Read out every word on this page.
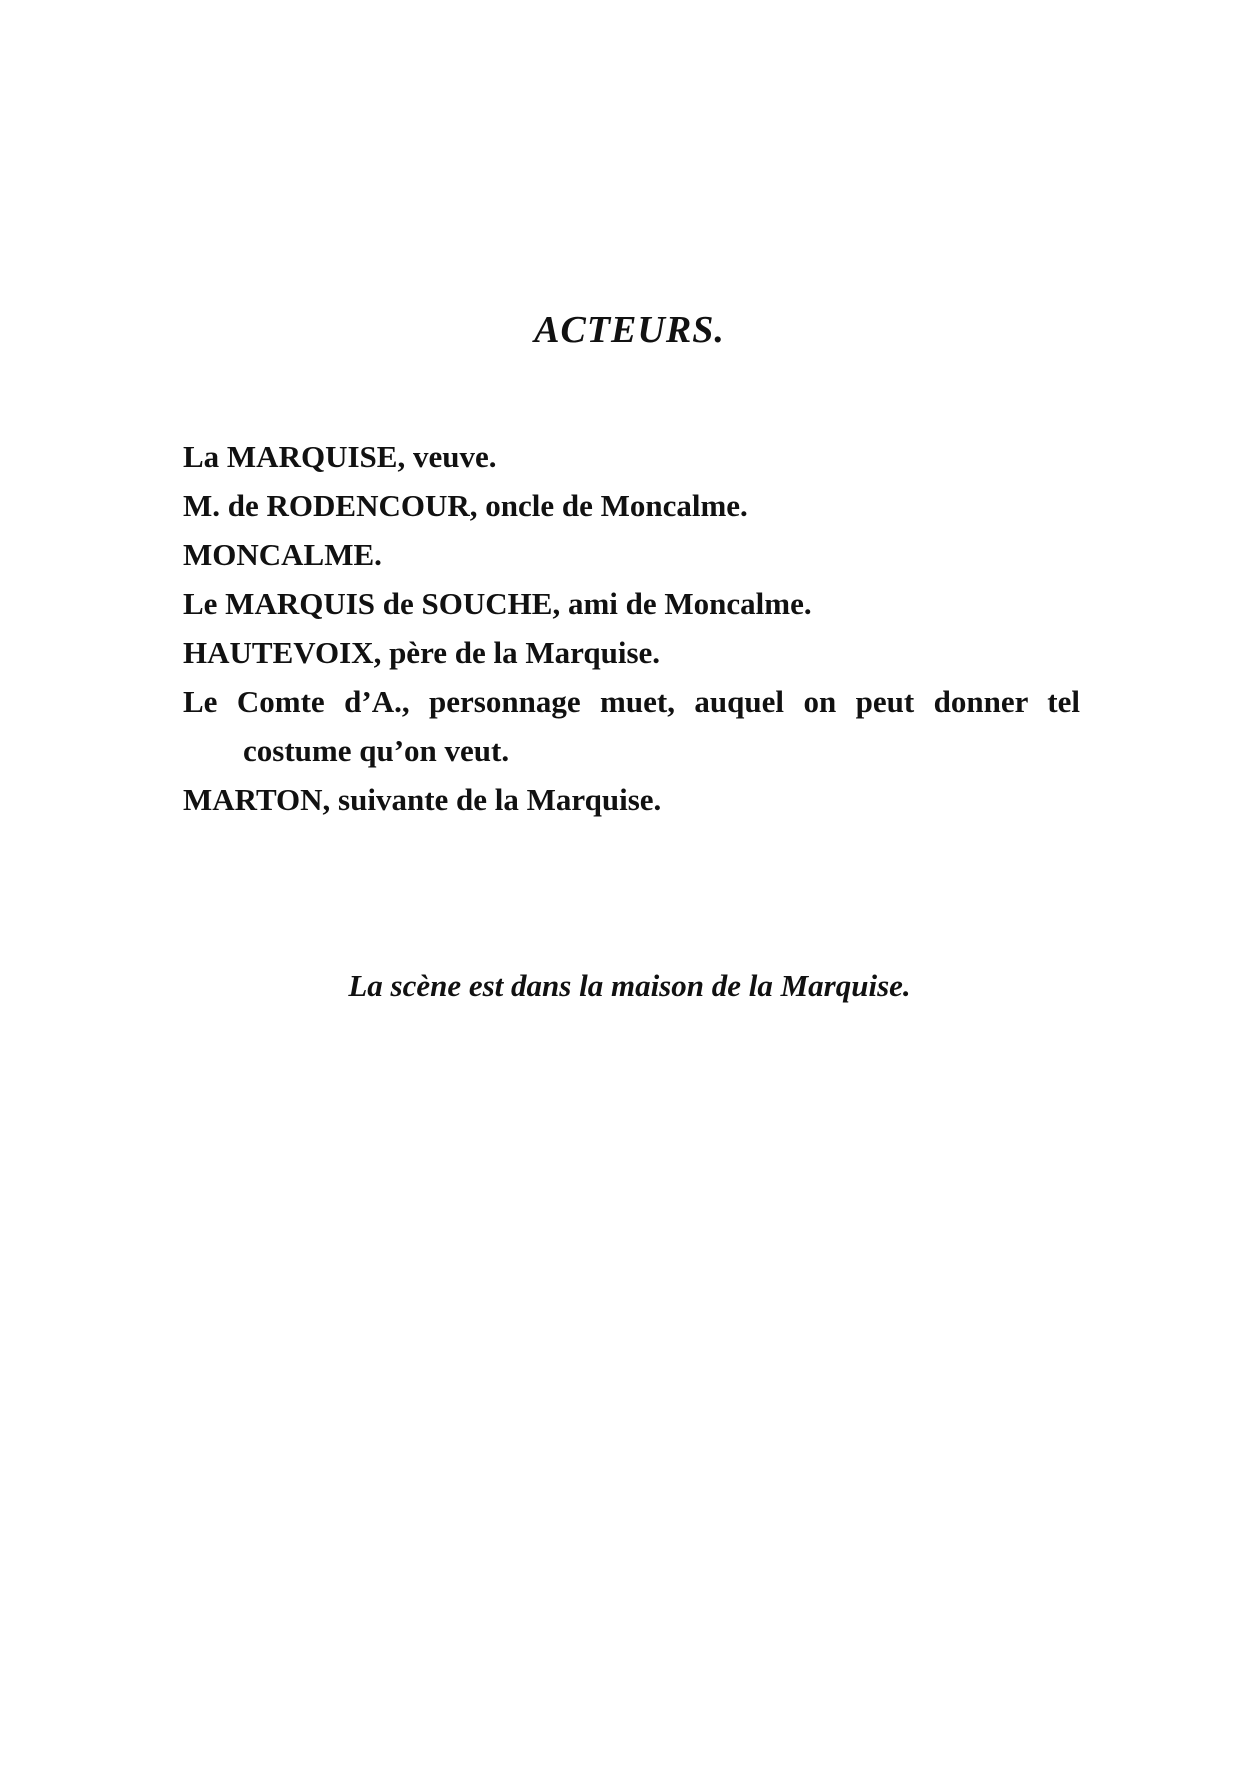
ACTEURS.
La MARQUISE, veuve.
M. de RODENCOUR, oncle de Moncalme.
MONCALME.
Le MARQUIS de SOUCHE, ami de Moncalme.
HAUTEVOIX, père de la Marquise.
Le Comte d’A., personnage muet, auquel on peut donner tel costume qu’on veut.
MARTON, suivante de la Marquise.

La scène est dans la maison de la Marquise.
